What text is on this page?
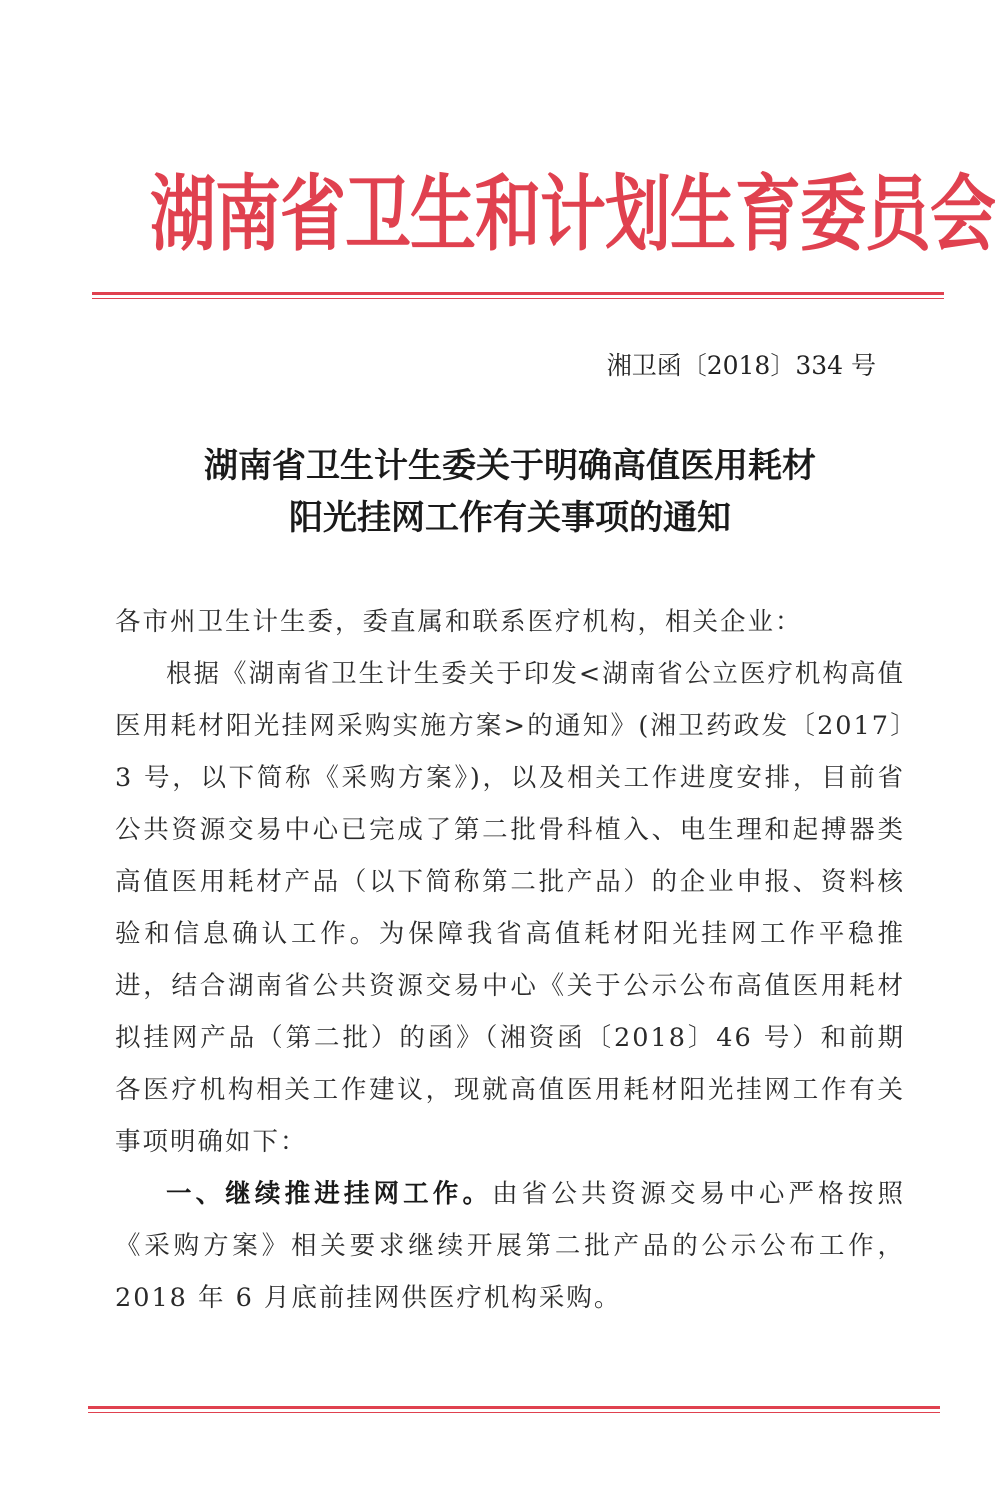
湖南省卫生和计划生育委员会
湘卫函〔2018〕334 号
湖南省卫生计生委关于明确高值医用耗材
阳光挂网工作有关事项的通知

各市州卫生计生委，委直属和联系医疗机构，相关企业：

根据《湖南省卫生计生委关于印发<湖南省公立医疗机构高值医用耗材阳光挂网采购实施方案>的通知》(湘卫药政发〔2017〕3 号，以下简称《采购方案》)，以及相关工作进度安排，目前省公共资源交易中心已完成了第二批骨科植入、电生理和起搏器类高值医用耗材产品（以下简称第二批产品）的企业申报、资料核验和信息确认工作。为保障我省高值耗材阳光挂网工作平稳推进，结合湖南省公共资源交易中心《关于公示公布高值医用耗材拟挂网产品（第二批）的函》（湘资函〔2018〕46 号）和前期各医疗机构相关工作建议，现就高值医用耗材阳光挂网工作有关事项明确如下：

一、继续推进挂网工作。由省公共资源交易中心严格按照《采购方案》相关要求继续开展第二批产品的公示公布工作，2018 年 6 月底前挂网供医疗机构采购。
